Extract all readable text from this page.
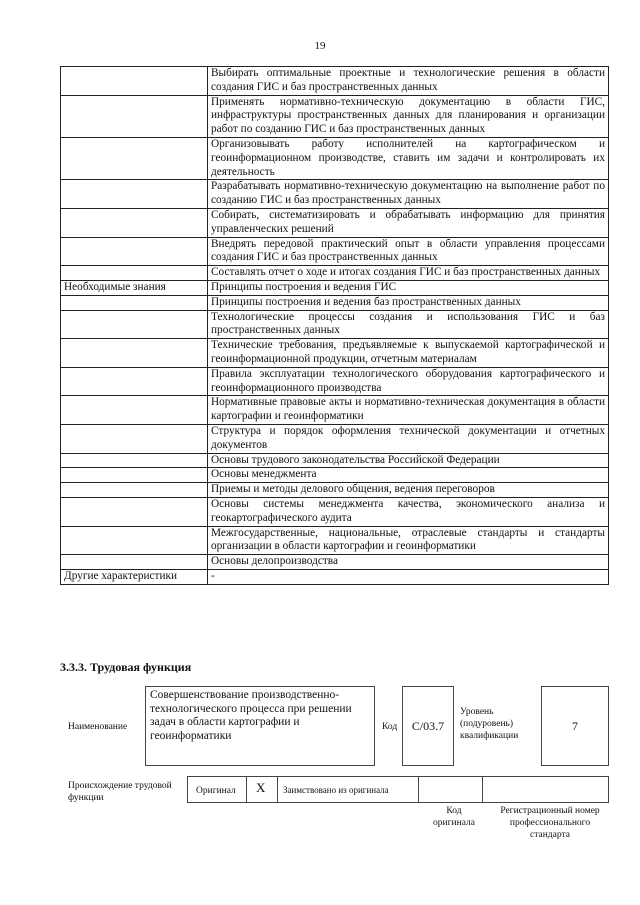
19
	Выбирать оптимальные проектные и технологические решения в области создания ГИС и баз пространственных данных
	Применять нормативно-техническую документацию в области ГИС, инфраструктуры пространственных данных для планирования и организации работ по созданию ГИС и баз пространственных данных
	Организовывать работу исполнителей на картографическом и геоинформационном производстве, ставить им задачи и контролировать их деятельность
	Разрабатывать нормативно-техническую документацию на выполнение работ по созданию ГИС и баз пространственных данных
	Собирать, систематизировать и обрабатывать информацию для принятия управленческих решений
	Внедрять передовой практический опыт в области управления процессами создания ГИС и баз пространственных данных
	Составлять отчет о ходе и итогах создания ГИС и баз пространственных данных
Необходимые знания	Принципы построения и ведения ГИС
	Принципы построения и ведения баз пространственных данных
	Технологические процессы создания и использования ГИС и баз пространственных данных
	Технические требования, предъявляемые к выпускаемой картографической и геоинформационной продукции, отчетным материалам
	Правила эксплуатации технологического оборудования картографического и геоинформационного производства
	Нормативные правовые акты и нормативно-техническая документация в области картографии и геоинформатики
	Структура и порядок оформления технической документации и отчетных документов
	Основы трудового законодательства Российской Федерации
	Основы менеджмента
	Приемы и методы делового общения, ведения переговоров
	Основы системы менеджмента качества, экономического анализа и геокартографического аудита
	Межгосударственные, национальные, отраслевые стандарты и стандарты организации в области картографии и геоинформатики
	Основы делопроизводства
Другие характеристики	-
3.3.3. Трудовая функция
Наименование
Совершенствование производственно-технологического процесса при решении задач в области картографии и геоинформатики
Код	C/03.7
Уровень (подуровень) квалификации
7
Происхождение трудовой функции
Оригинал X Заимствовано из оригинала
Код оригинала
Регистрационный номер профессионального стандарта
